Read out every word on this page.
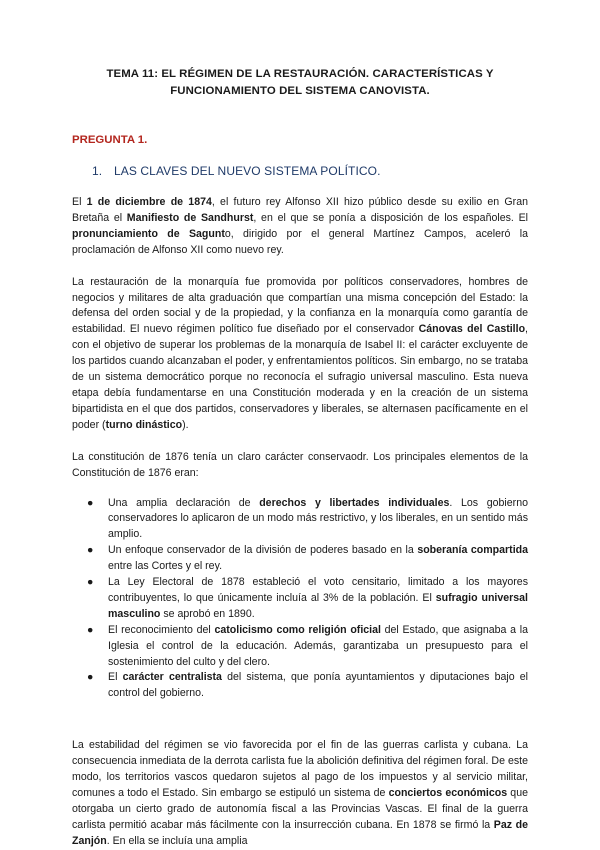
TEMA 11: EL RÉGIMEN DE LA RESTAURACIÓN. CARACTERÍSTICAS Y
FUNCIONAMIENTO DEL SISTEMA CANOVISTA.
PREGUNTA 1.
1. LAS CLAVES DEL NUEVO SISTEMA POLÍTICO.

El 1 de diciembre de 1874, el futuro rey Alfonso XII hizo público desde su exilio en Gran Bretaña el Manifiesto de Sandhurst, en el que se ponía a disposición de los españoles. El pronunciamiento de Sagunto, dirigido por el general Martínez Campos, aceleró la proclamación de Alfonso XII como nuevo rey.

La restauración de la monarquía fue promovida por políticos conservadores, hombres de negocios y militares de alta graduación que compartían una misma concepción del Estado: la defensa del orden social y de la propiedad, y la confianza en la monarquía como garantía de estabilidad. El nuevo régimen político fue diseñado por el conservador Cánovas del Castillo, con el objetivo de superar los problemas de la monarquía de Isabel II: el carácter excluyente de los partidos cuando alcanzaban el poder, y enfrentamientos políticos. Sin embargo, no se trataba de un sistema democrático porque no reconocía el sufragio universal masculino. Esta nueva etapa debía fundamentarse en una Constitución moderada y en la creación de un sistema bipartidista en el que dos partidos, conservadores y liberales, se alternasen pacíficamente en el poder (turno dinástico).

La constitución de 1876 tenía un claro carácter conservaodr. Los principales elementos de la Constitución de 1876 eran:

● Una amplia declaración de derechos y libertades individuales. Los gobierno conservadores lo aplicaron de un modo más restrictivo, y los liberales, en un sentido más amplio.
● Un enfoque conservador de la división de poderes basado en la soberanía compartida entre las Cortes y el rey.
● La Ley Electoral de 1878 estableció el voto censitario, limitado a los mayores contribuyentes, lo que únicamente incluía al 3% de la población. El sufragio universal masculino se aprobó en 1890.
● El reconocimiento del catolicismo como religión oficial del Estado, que asignaba a la Iglesia el control de la educación. Además, garantizaba un presupuesto para el sostenimiento del culto y del clero.
● El carácter centralista del sistema, que ponía ayuntamientos y diputaciones bajo el control del gobierno.

La estabilidad del régimen se vio favorecida por el fin de las guerras carlista y cubana. La consecuencia inmediata de la derrota carlista fue la abolición definitiva del régimen foral. De este modo, los territorios vascos quedaron sujetos al pago de los impuestos y al servicio militar, comunes a todo el Estado. Sin embargo se estipuló un sistema de conciertos económicos que otorgaba un cierto grado de autonomía fiscal a las Provincias Vascas. El final de la guerra carlista permitió acabar más fácilmente con la insurrección cubana. En 1878 se firmó la Paz de Zanjón. En ella se incluía una amplia
